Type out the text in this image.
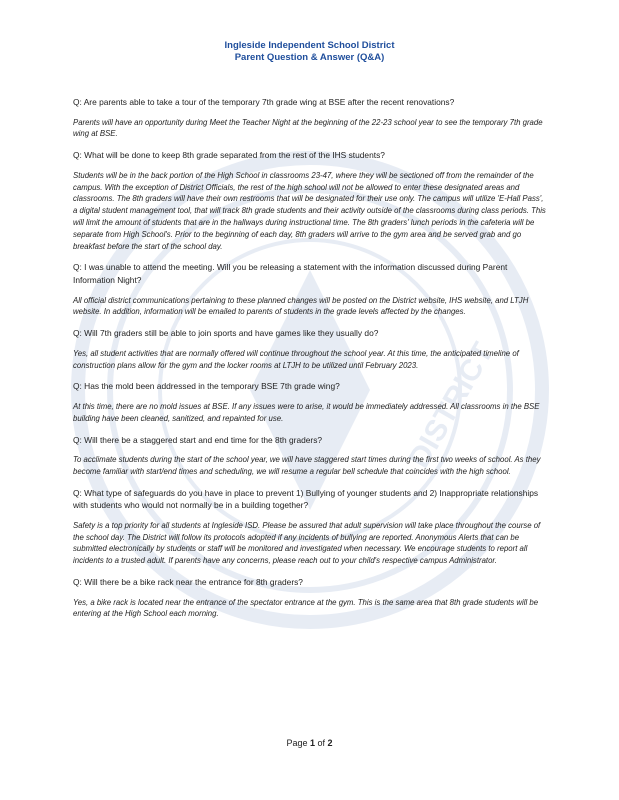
DISTRICT
Ingleside Independent School District
Parent Question & Answer (Q&A)

Q: Are parents able to take a tour of the temporary 7th grade wing at BSE after the recent renovations?

Parents will have an opportunity during Meet the Teacher Night at the beginning of the 22-23 school year to see the temporary 7th grade wing at BSE.

Q: What will be done to keep 8th grade separated from the rest of the IHS students?

Students will be in the back portion of the High School in classrooms 23-47, where they will be sectioned off from the remainder of the campus. With the exception of District Officials, the rest of the high school will not be allowed to enter these designated areas and classrooms. The 8th graders will have their own restrooms that will be designated for their use only. The campus will utilize 'E-Hall Pass', a digital student management tool, that will track 8th grade students and their activity outside of the classrooms during class periods. This will limit the amount of students that are in the hallways during instructional time. The 8th graders' lunch periods in the cafeteria will be separate from High School's. Prior to the beginning of each day, 8th graders will arrive to the gym area and be served grab and go breakfast before the start of the school day.

Q: I was unable to attend the meeting. Will you be releasing a statement with the information discussed during Parent Information Night?

All official district communications pertaining to these planned changes will be posted on the District website, IHS website, and LTJH website. In addition, information will be emailed to parents of students in the grade levels affected by the changes.

Q: Will 7th graders still be able to join sports and have games like they usually do?

Yes, all student activities that are normally offered will continue throughout the school year. At this time, the anticipated timeline of construction plans allow for the gym and the locker rooms at LTJH to be utilized until February 2023.

Q: Has the mold been addressed in the temporary BSE 7th grade wing?

At this time, there are no mold issues at BSE. If any issues were to arise, it would be immediately addressed. All classrooms in the BSE building have been cleaned, sanitized, and repainted for use.

Q: Will there be a staggered start and end time for the 8th graders?

To acclimate students during the start of the school year, we will have staggered start times during the first two weeks of school. As they become familiar with start/end times and scheduling, we will resume a regular bell schedule that coincides with the high school.

Q: What type of safeguards do you have in place to prevent 1) Bullying of younger students and 2) Inappropriate relationships with students who would not normally be in a building together?

Safety is a top priority for all students at Ingleside ISD. Please be assured that adult supervision will take place throughout the course of the school day. The District will follow its protocols adopted if any incidents of bullying are reported. Anonymous Alerts that can be submitted electronically by students or staff will be monitored and investigated when necessary. We encourage students to report all incidents to a trusted adult. If parents have any concerns, please reach out to your child's respective campus Administrator.

Q: Will there be a bike rack near the entrance for 8th graders?

Yes, a bike rack is located near the entrance of the spectator entrance at the gym. This is the same area that 8th grade students will be entering at the High School each morning.

Page 1 of 2
